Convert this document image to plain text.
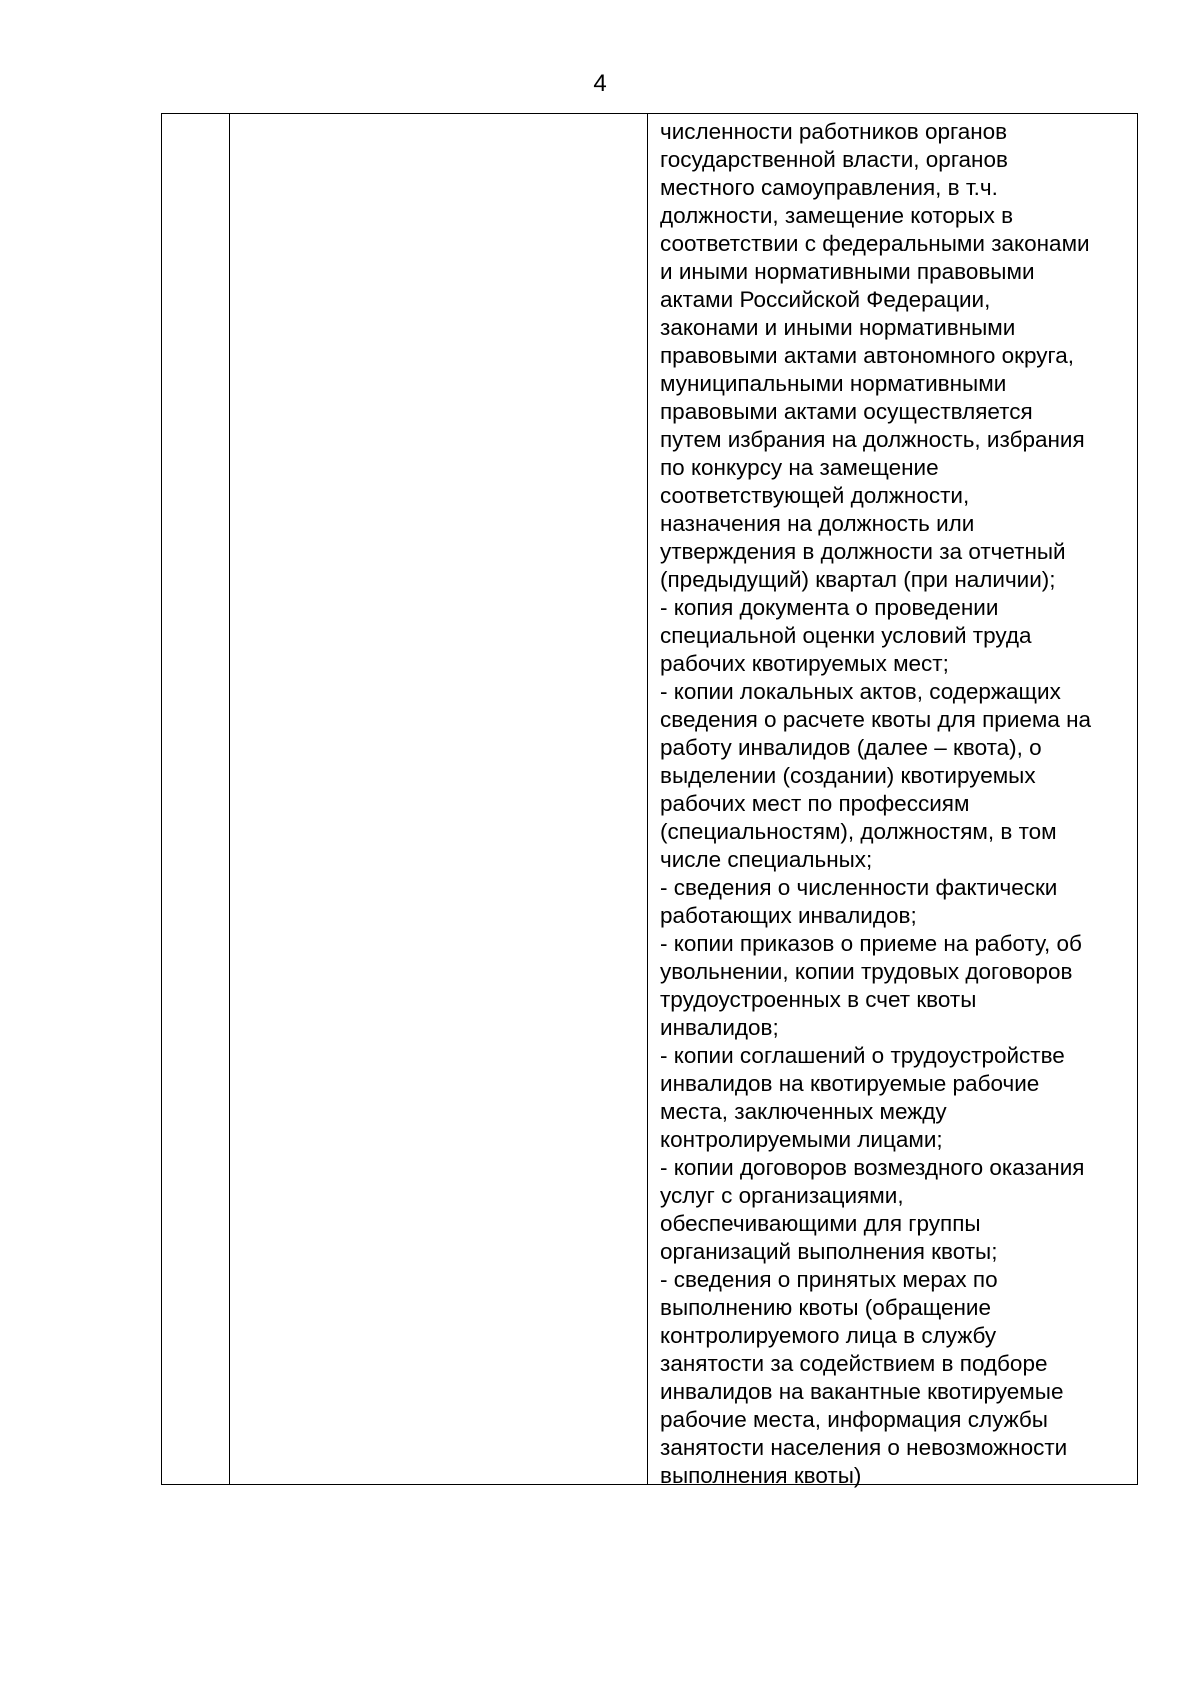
4
численности работников органов
государственной власти, органов
местного самоуправления, в т.ч.
должности, замещение которых в
соответствии с федеральными законами
и иными нормативными правовыми
актами Российской Федерации,
законами и иными нормативными
правовыми актами автономного округа,
муниципальными нормативными
правовыми актами осуществляется
путем избрания на должность, избрания
по конкурсу на замещение
соответствующей должности,
назначения на должность или
утверждения в должности за отчетный
(предыдущий) квартал (при наличии);
- копия документа о проведении
специальной оценки условий труда
рабочих квотируемых мест;
- копии локальных актов, содержащих
сведения о расчете квоты для приема на
работу инвалидов (далее – квота), о
выделении (создании) квотируемых
рабочих мест по профессиям
(специальностям), должностям, в том
числе специальных;
- сведения о численности фактически
работающих инвалидов;
- копии приказов о приеме на работу, об
увольнении, копии трудовых договоров
трудоустроенных в счет квоты
инвалидов;
- копии соглашений о трудоустройстве
инвалидов на квотируемые рабочие
места, заключенных между
контролируемыми лицами;
- копии договоров возмездного оказания
услуг с организациями,
обеспечивающими для группы
организаций выполнения квоты;
- сведения о принятых мерах по
выполнению квоты (обращение
контролируемого лица в службу
занятости за содействием в подборе
инвалидов на вакантные квотируемые
рабочие места, информация службы
занятости населения о невозможности
выполнения квоты)
